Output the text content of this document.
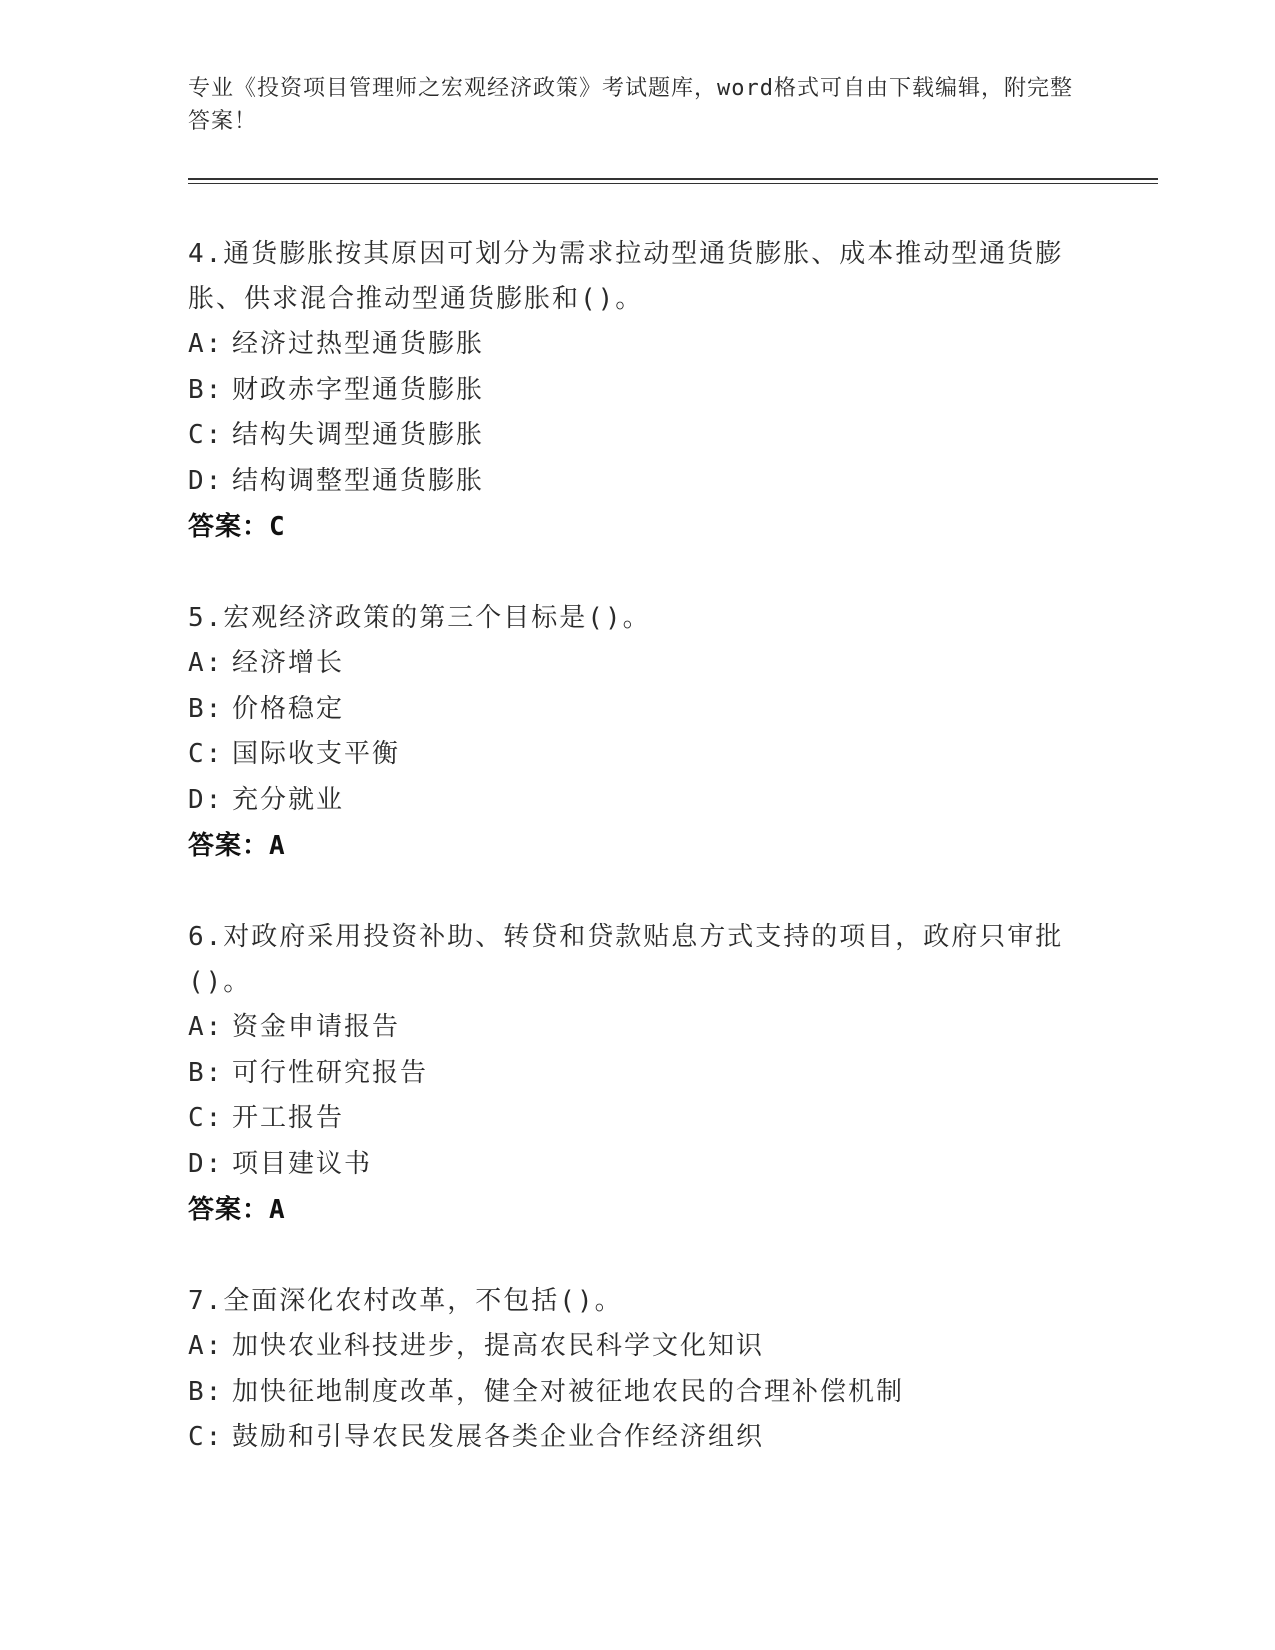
专业《投资项目管理师之宏观经济政策》考试题库，word格式可自由下载编辑，附完整答案！
4.通货膨胀按其原因可划分为需求拉动型通货膨胀、成本推动型通货膨胀、供求混合推动型通货膨胀和()。
A: 经济过热型通货膨胀
B: 财政赤字型通货膨胀
C: 结构失调型通货膨胀
D: 结构调整型通货膨胀
答案：C
5.宏观经济政策的第三个目标是()。
A: 经济增长
B: 价格稳定
C: 国际收支平衡
D: 充分就业
答案：A
6.对政府采用投资补助、转贷和贷款贴息方式支持的项目，政府只审批()。
A: 资金申请报告
B: 可行性研究报告
C: 开工报告
D: 项目建议书
答案：A
7.全面深化农村改革，不包括()。
A: 加快农业科技进步，提高农民科学文化知识
B: 加快征地制度改革，健全对被征地农民的合理补偿机制
C: 鼓励和引导农民发展各类企业合作经济组织
